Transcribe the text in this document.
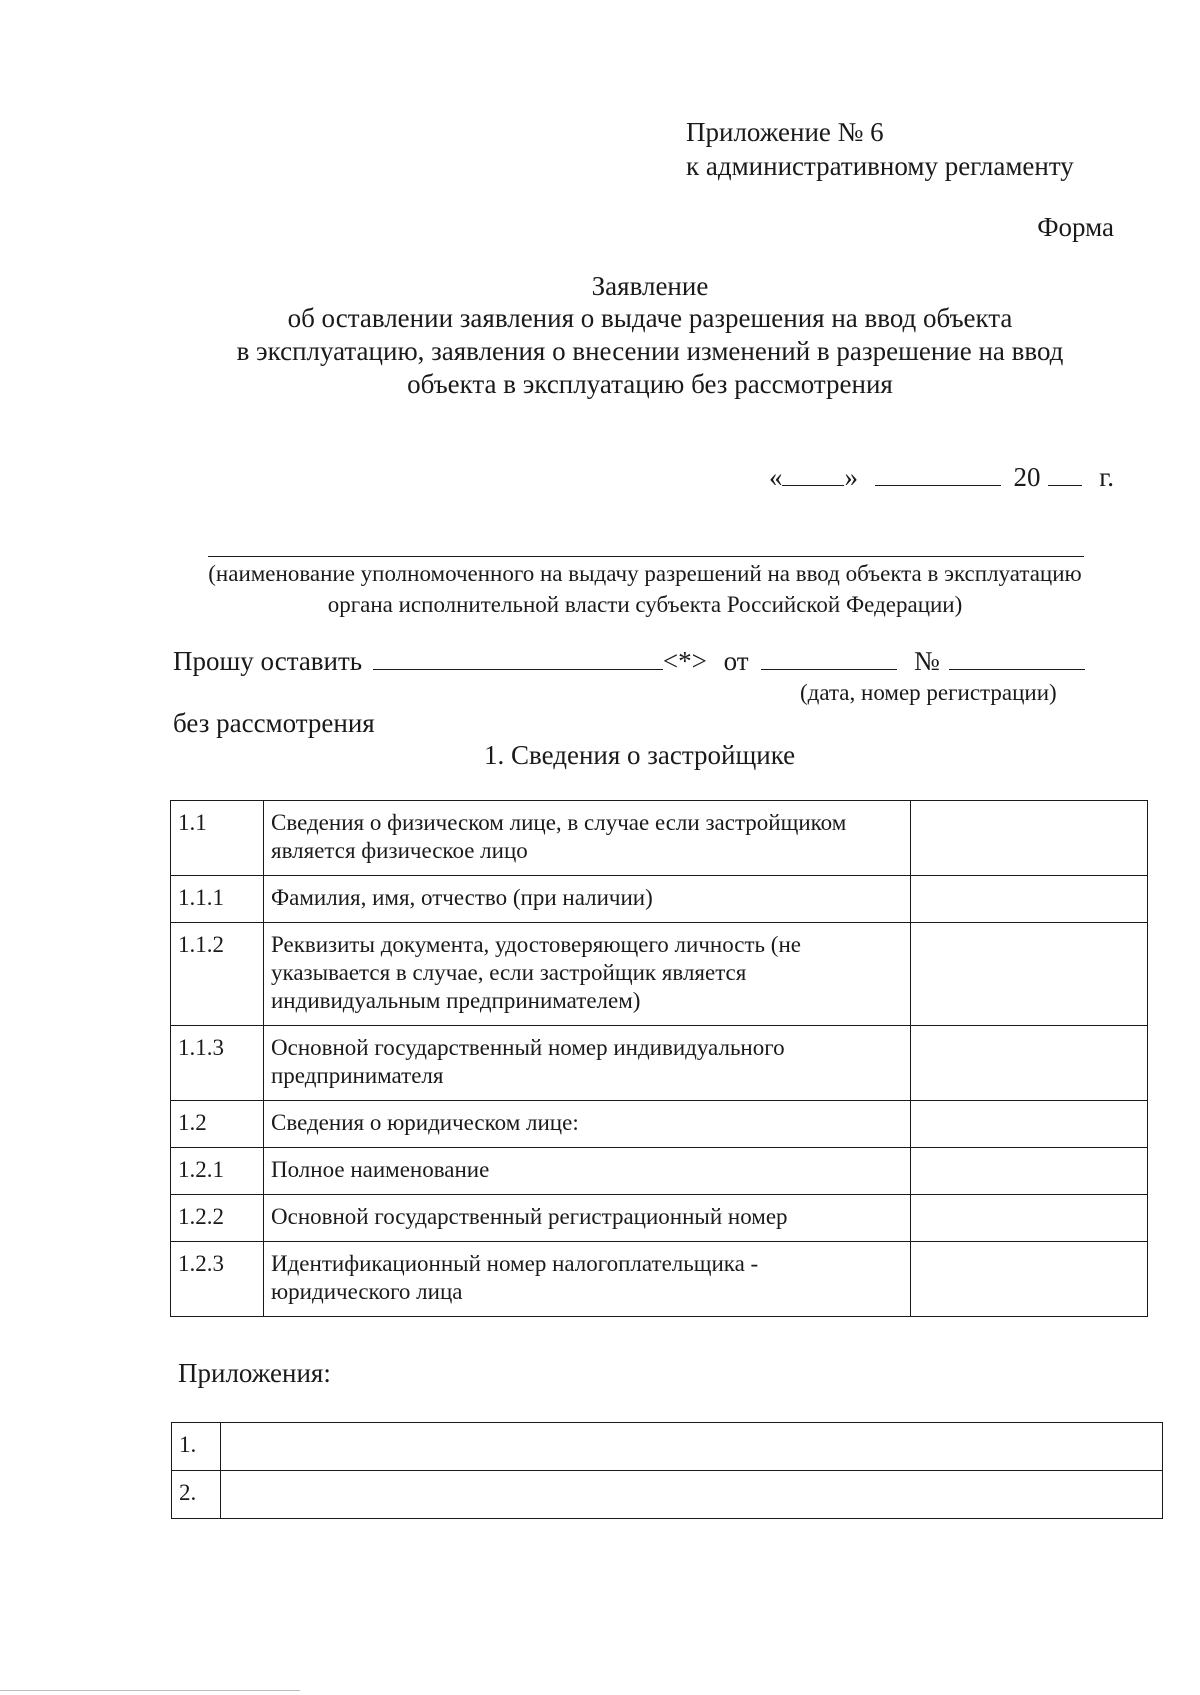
Приложение № 6
к административному регламенту
Форма
Заявление
об оставлении заявления о выдаче разрешения на ввод объекта
в эксплуатацию, заявления о внесении изменений в разрешение на ввод
объекта в эксплуатацию без рассмотрения
« »	20 г.
(наименование уполномоченного на выдачу разрешений на ввод объекта в эксплуатацию
органа исполнительной власти субъекта Российской Федерации)
Прошу оставить	<*> от	№
(дата, номер регистрации)
без рассмотрения
1. Сведения о застройщике
1.1	Сведения о физическом лице, в случае если застройщиком является физическое лицо	
1.1.1	Фамилия, имя, отчество (при наличии)	
1.1.2	Реквизиты документа, удостоверяющего личность (не указывается в случае, если застройщик является индивидуальным предпринимателем)	
1.1.3	Основной государственный номер индивидуального предпринимателя	
1.2	Сведения о юридическом лице:	
1.2.1	Полное наименование	
1.2.2	Основной государственный регистрационный номер	
1.2.3	Идентификационный номер налогоплательщика - юридического лица	
Приложения:
1.	
2.	
